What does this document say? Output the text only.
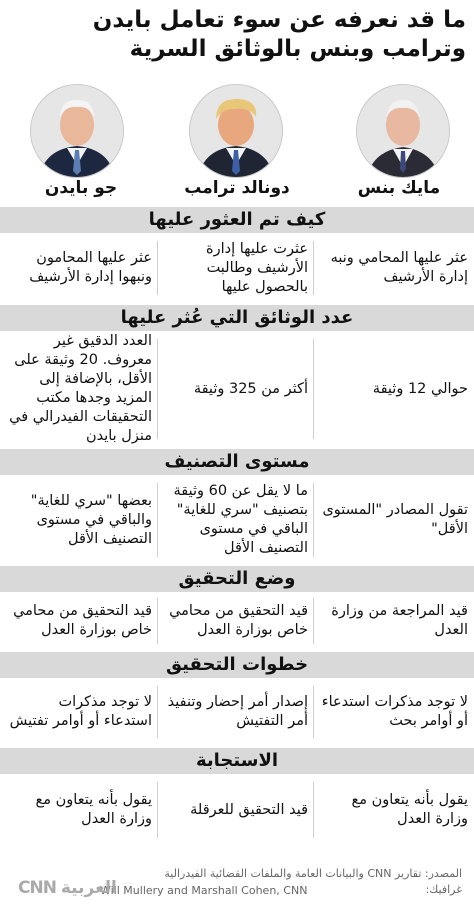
ما قد نعرفه عن سوء تعامل بايدن وترامب وبنس بالوثائق السرية
مايك بنس
دونالد ترامب
جو بايدن
كيف تم العثور عليها
عثر عليها المحامي ونبه إدارة الأرشيف
عثرت عليها إدارة الأرشيف وطالبت بالحصول عليها
عثر عليها المحامون ونبهوا إدارة الأرشيف
عدد الوثائق التي عُثر عليها
حوالي 12 وثيقة
أكثر من 325 وثيقة
العدد الدقيق غير معروف. 20 وثيقة على الأقل، بالإضافة إلى المزيد وجدها مكتب التحقيقات الفيدرالي في منزل بايدن
مستوى التصنيف
تقول المصادر "المستوى الأقل"
ما لا يقل عن 60 وثيقة بتصنيف "سري للغاية" الباقي في مستوى التصنيف الأقل
بعضها "سري للغاية" والباقي في مستوى التصنيف الأقل
وضع التحقيق
قيد المراجعة من وزارة العدل
قيد التحقيق من محامي خاص بوزارة العدل
قيد التحقيق من محامي خاص بوزارة العدل
خطوات التحقيق
لا توجد مذكرات استدعاء أو أوامر بحث
إصدار أمر إحضار وتنفيذ أمر التفتيش
لا توجد مذكرات استدعاء أو أوامر تفتيش
الاستجابة
يقول بأنه يتعاون مع وزارة العدل
قيد التحقيق للعرقلة
يقول بأنه يتعاون مع وزارة العدل
المصدر: تقارير CNN والبيانات العامة والملفات القضائية الفيدرالية
غرافيك:
Will Mullery and Marshall Cohen, CNN
CNN العربية
